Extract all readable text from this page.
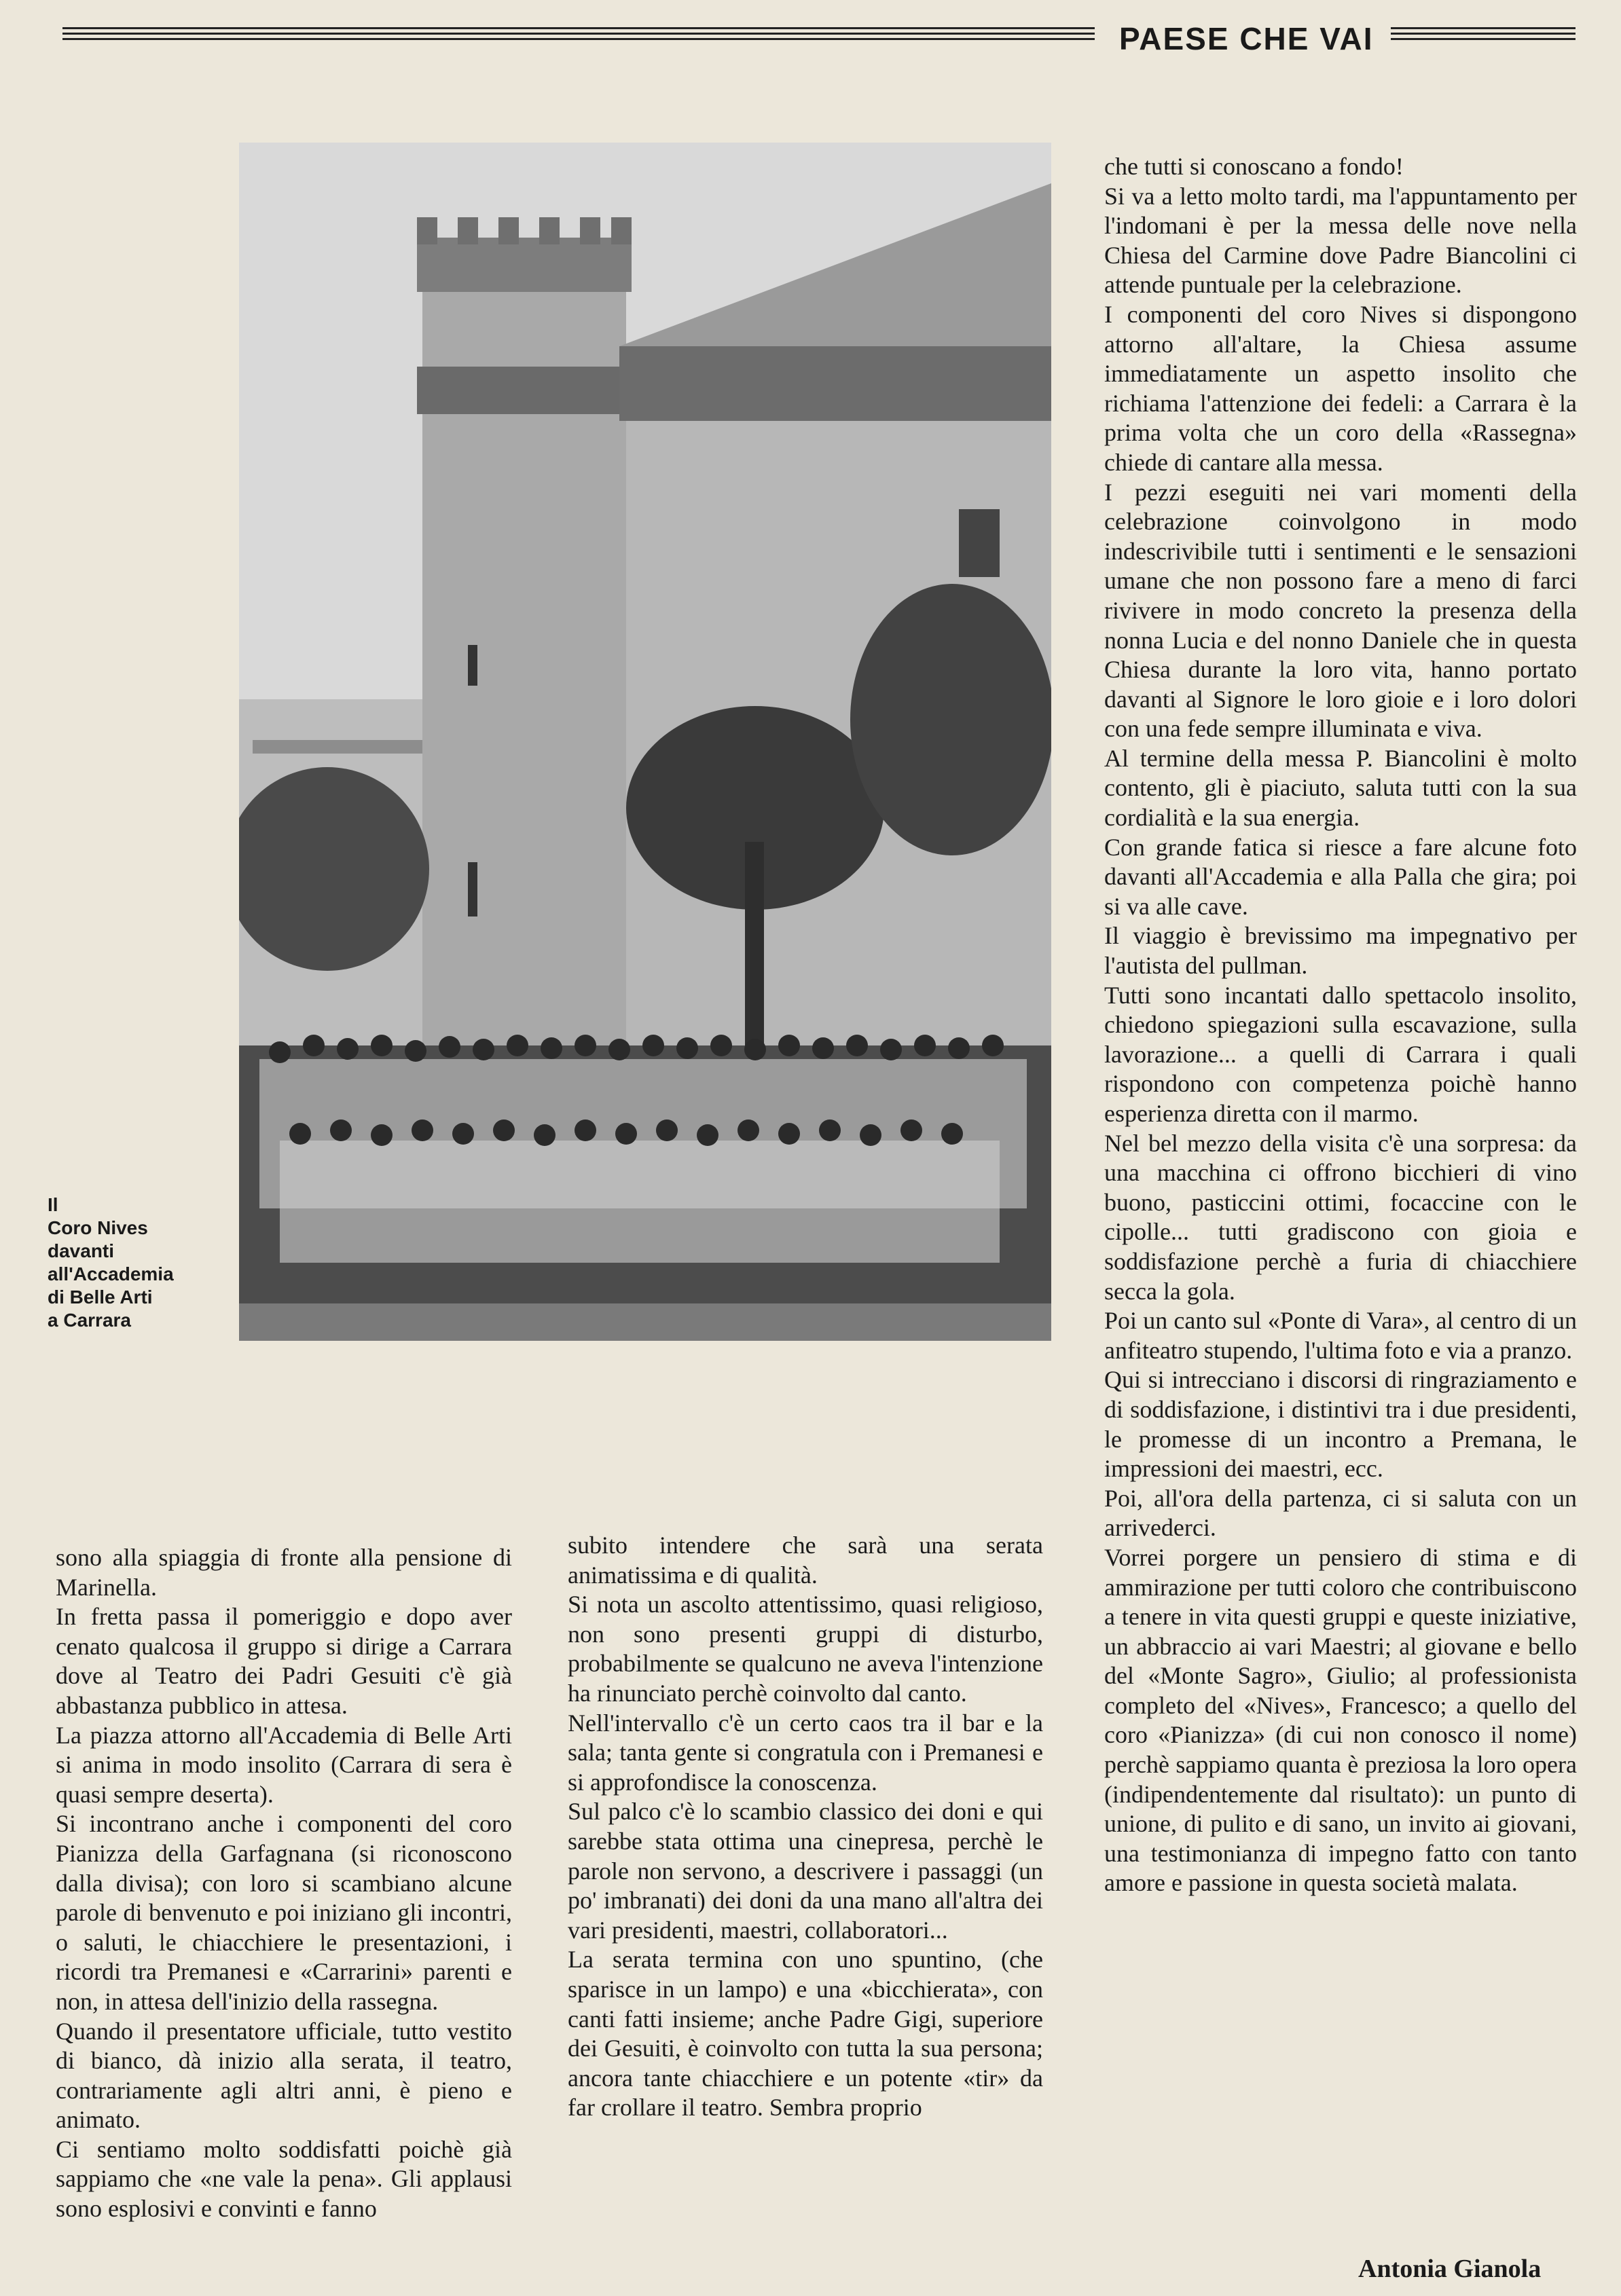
PAESE CHE VAI
Il
Coro Nives
davanti
all'Accademia
di Belle Arti
a Carrara

sono alla spiaggia di fronte alla pensione di Marinella.

In fretta passa il pomeriggio e dopo aver cenato qualcosa il gruppo si dirige a Carrara dove al Teatro dei Padri Gesuiti c'è già abbastanza pubblico in attesa.

La piazza attorno all'Accademia di Belle Arti si anima in modo insolito (Carrara di sera è quasi sempre deserta).

Si incontrano anche i componenti del coro Pianizza della Garfagnana (si riconoscono dalla divisa); con loro si scambiano alcune parole di benvenuto e poi iniziano gli incontri, o saluti, le chiacchiere le presentazioni, i ricordi tra Premanesi e «Carrarini» parenti e non, in attesa dell'inizio della rassegna.

Quando il presentatore ufficiale, tutto vestito di bianco, dà inizio alla serata, il teatro, contrariamente agli altri anni, è pieno e animato.

Ci sentiamo molto soddisfatti poichè già sappiamo che «ne vale la pena». Gli applausi sono esplosivi e convinti e fanno

subito intendere che sarà una serata animatissima e di qualità.

Si nota un ascolto attentissimo, quasi religioso, non sono presenti gruppi di disturbo, probabilmente se qualcuno ne aveva l'intenzione ha rinunciato perchè coinvolto dal canto.

Nell'intervallo c'è un certo caos tra il bar e la sala; tanta gente si congratula con i Premanesi e si approfondisce la conoscenza.

Sul palco c'è lo scambio classico dei doni e qui sarebbe stata ottima una cinepresa, perchè le parole non servono, a descrivere i passaggi (un po' imbranati) dei doni da una mano all'altra dei vari presidenti, maestri, collaboratori...

La serata termina con uno spuntino, (che sparisce in un lampo) e una «bicchierata», con canti fatti insieme; anche Padre Gigi, superiore dei Gesuiti, è coinvolto con tutta la sua persona; ancora tante chiacchiere e un potente «tir» da far crollare il teatro. Sembra proprio

che tutti si conoscano a fondo!

Si va a letto molto tardi, ma l'appuntamento per l'indomani è per la messa delle nove nella Chiesa del Carmine dove Padre Biancolini ci attende puntuale per la celebrazione.

I componenti del coro Nives si dispongono attorno all'altare, la Chiesa assume immediatamente un aspetto insolito che richiama l'attenzione dei fedeli: a Carrara è la prima volta che un coro della «Rassegna» chiede di cantare alla messa.

I pezzi eseguiti nei vari momenti della celebrazione coinvolgono in modo indescrivibile tutti i sentimenti e le sensazioni umane che non possono fare a meno di farci rivivere in modo concreto la presenza della nonna Lucia e del nonno Daniele che in questa Chiesa durante la loro vita, hanno portato davanti al Signore le loro gioie e i loro dolori con una fede sempre illuminata e viva.

Al termine della messa P. Biancolini è molto contento, gli è piaciuto, saluta tutti con la sua cordialità e la sua energia.

Con grande fatica si riesce a fare alcune foto davanti all'Accademia e alla Palla che gira; poi si va alle cave.

Il viaggio è brevissimo ma impegnativo per l'autista del pullman.

Tutti sono incantati dallo spettacolo insolito, chiedono spiegazioni sulla escavazione, sulla lavorazione... a quelli di Carrara i quali rispondono con competenza poichè hanno esperienza diretta con il marmo.

Nel bel mezzo della visita c'è una sorpresa: da una macchina ci offrono bicchieri di vino buono, pasticcini ottimi, focaccine con le cipolle... tutti gradiscono con gioia e soddisfazione perchè a furia di chiacchiere secca la gola.

Poi un canto sul «Ponte di Vara», al centro di un anfiteatro stupendo, l'ultima foto e via a pranzo.

Qui si intrecciano i discorsi di ringraziamento e di soddisfazione, i distintivi tra i due presidenti, le promesse di un incontro a Premana, le impressioni dei maestri, ecc.

Poi, all'ora della partenza, ci si saluta con un arrivederci.

Vorrei porgere un pensiero di stima e di ammirazione per tutti coloro che contribuiscono a tenere in vita questi gruppi e queste iniziative, un abbraccio ai vari Maestri; al giovane e bello del «Monte Sagro», Giulio; al professionista completo del «Nives», Francesco; a quello del coro «Pianizza» (di cui non conosco il nome) perchè sappiamo quanta è preziosa la loro opera (indipendentemente dal risultato): un punto di unione, di pulito e di sano, un invito ai giovani, una testimonianza di impegno fatto con tanto amore e passione in questa società malata.

Antonia Gianola
